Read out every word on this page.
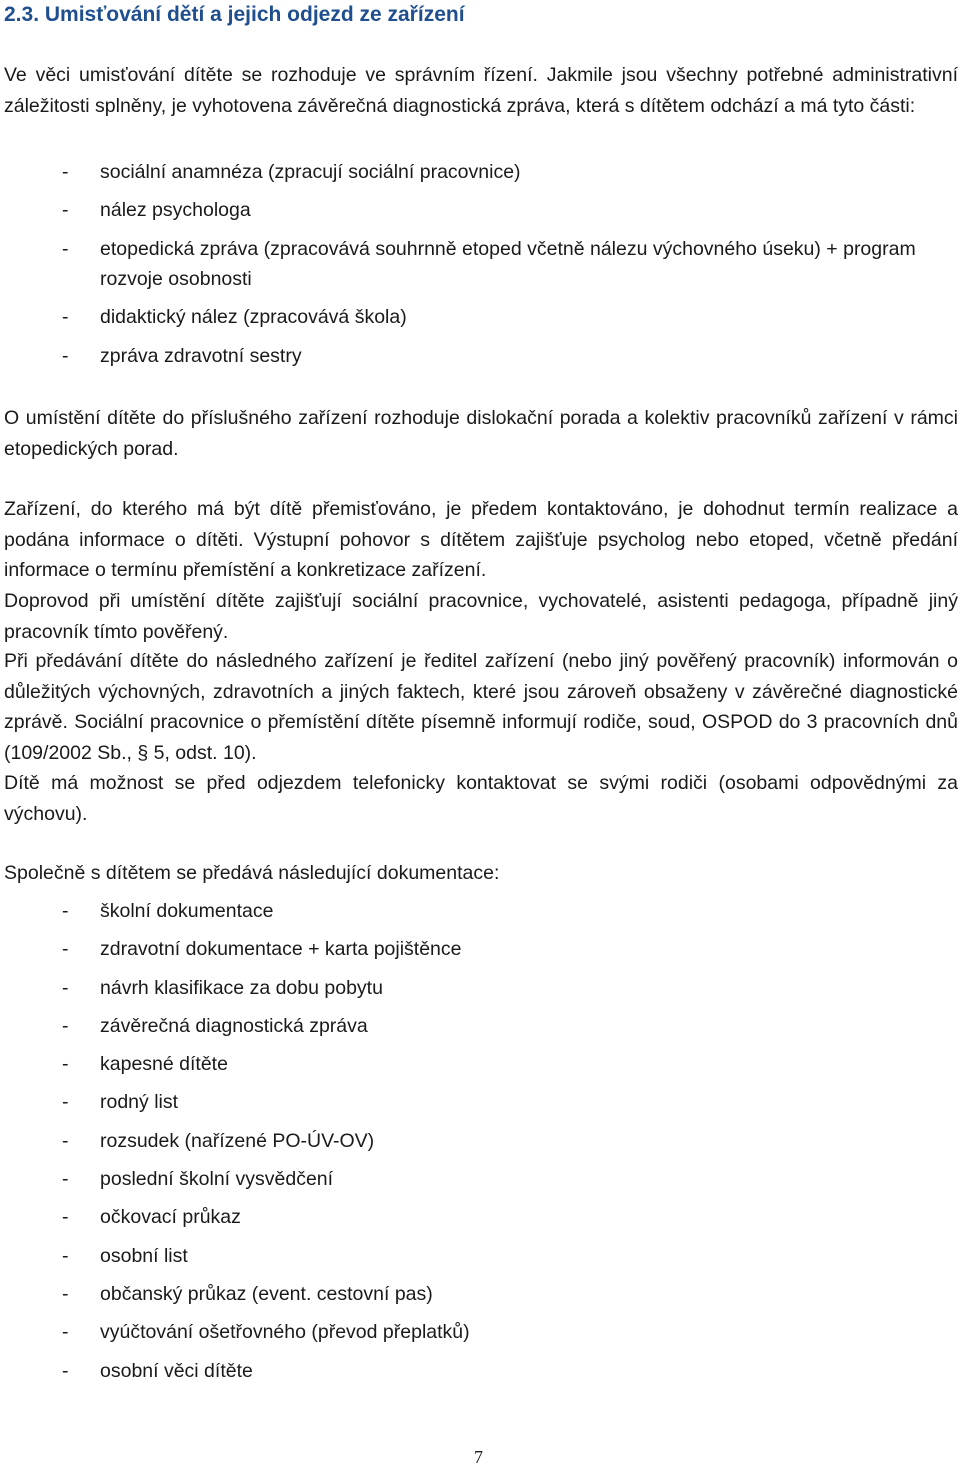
2.3. Umisťování dětí a jejich odjezd ze zařízení

Ve věci umisťování dítěte se rozhoduje ve správním řízení. Jakmile jsou všechny potřebné administrativní záležitosti splněny, je vyhotovena závěrečná diagnostická zpráva, která s dítětem odchází a má tyto části:

- sociální anamnéza (zpracují sociální pracovnice)
- nález psychologa
- etopedická zpráva (zpracovává souhrnně etoped včetně nálezu výchovného úseku) + program rozvoje osobnosti
- didaktický nález (zpracovává škola)
- zpráva zdravotní sestry

O umístění dítěte do příslušného zařízení rozhoduje dislokační porada a kolektiv pracovníků zařízení v rámci etopedických porad.

Zařízení, do kterého má být dítě přemisťováno, je předem kontaktováno, je dohodnut termín realizace a podána informace o dítěti. Výstupní pohovor s dítětem zajišťuje psycholog nebo etoped, včetně předání informace o termínu přemístění a konkretizace zařízení.

Doprovod při umístění dítěte zajišťují sociální pracovnice, vychovatelé, asistenti pedagoga, případně jiný pracovník tímto pověřený.

Při předávání dítěte do následného zařízení je ředitel zařízení (nebo jiný pověřený pracovník) informován o důležitých výchovných, zdravotních a jiných faktech, které jsou zároveň obsaženy v závěrečné diagnostické zprávě. Sociální pracovnice o přemístění dítěte písemně informují rodiče, soud, OSPOD do 3 pracovních dnů (109/2002 Sb., § 5, odst. 10).

Dítě má možnost se před odjezdem telefonicky kontaktovat se svými rodiči (osobami odpovědnými za výchovu).

Společně s dítětem se předává následující dokumentace:

- školní dokumentace
- zdravotní dokumentace + karta pojištěnce
- návrh klasifikace za dobu pobytu
- závěrečná diagnostická zpráva
- kapesné dítěte
- rodný list
- rozsudek (nařízené PO-ÚV-OV)
- poslední školní vysvědčení
- očkovací průkaz
- osobní list
- občanský průkaz (event. cestovní pas)
- vyúčtování ošetřovného (převod přeplatků)
- osobní věci dítěte
7
